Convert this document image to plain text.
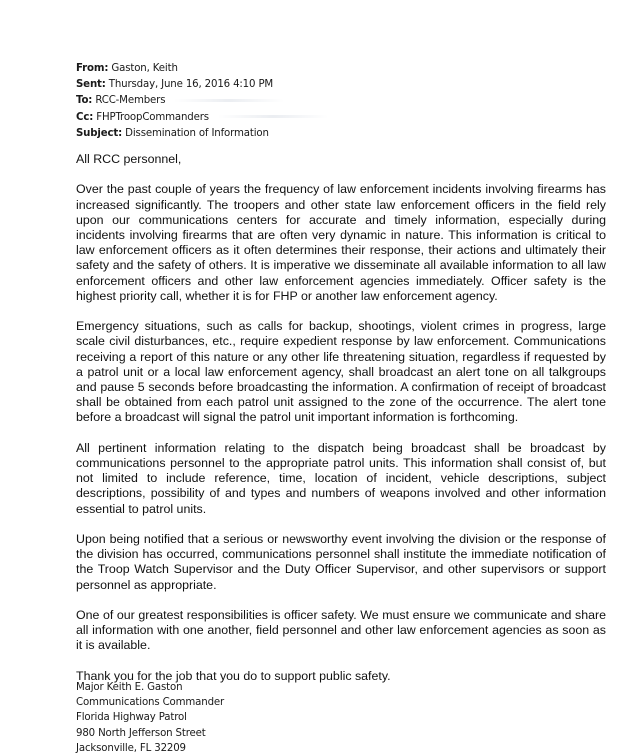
From: Gaston, Keith
Sent: Thursday, June 16, 2016 4:10 PM
To: RCC-Members
Cc: FHPTroopCommanders
Subject: Dissemination of Information

All RCC personnel,

Over the past couple of years the frequency of law enforcement incidents involving firearms has increased significantly. The troopers and other state law enforcement officers in the field rely upon our communications centers for accurate and timely information, especially during incidents involving firearms that are often very dynamic in nature. This information is critical to law enforcement officers as it often determines their response, their actions and ultimately their safety and the safety of others. It is imperative we disseminate all available information to all law enforcement officers and other law enforcement agencies immediately. Officer safety is the highest priority call, whether it is for FHP or another law enforcement agency.

Emergency situations, such as calls for backup, shootings, violent crimes in progress, large scale civil disturbances, etc., require expedient response by law enforcement. Communications receiving a report of this nature or any other life threatening situation, regardless if requested by a patrol unit or a local law enforcement agency, shall broadcast an alert tone on all talkgroups and pause 5 seconds before broadcasting the information. A confirmation of receipt of broadcast shall be obtained from each patrol unit assigned to the zone of the occurrence. The alert tone before a broadcast will signal the patrol unit important information is forthcoming.

All pertinent information relating to the dispatch being broadcast shall be broadcast by communications personnel to the appropriate patrol units. This information shall consist of, but not limited to include reference, time, location of incident, vehicle descriptions, subject descriptions, possibility of and types and numbers of weapons involved and other information essential to patrol units.

Upon being notified that a serious or newsworthy event involving the division or the response of the division has occurred, communications personnel shall institute the immediate notification of the Troop Watch Supervisor and the Duty Officer Supervisor, and other supervisors or support personnel as appropriate.

One of our greatest responsibilities is officer safety. We must ensure we communicate and share all information with one another, field personnel and other law enforcement agencies as soon as it is available.

Thank you for the job that you do to support public safety.

Major Keith E. Gaston
Communications Commander
Florida Highway Patrol
980 North Jefferson Street
Jacksonville, FL 32209
